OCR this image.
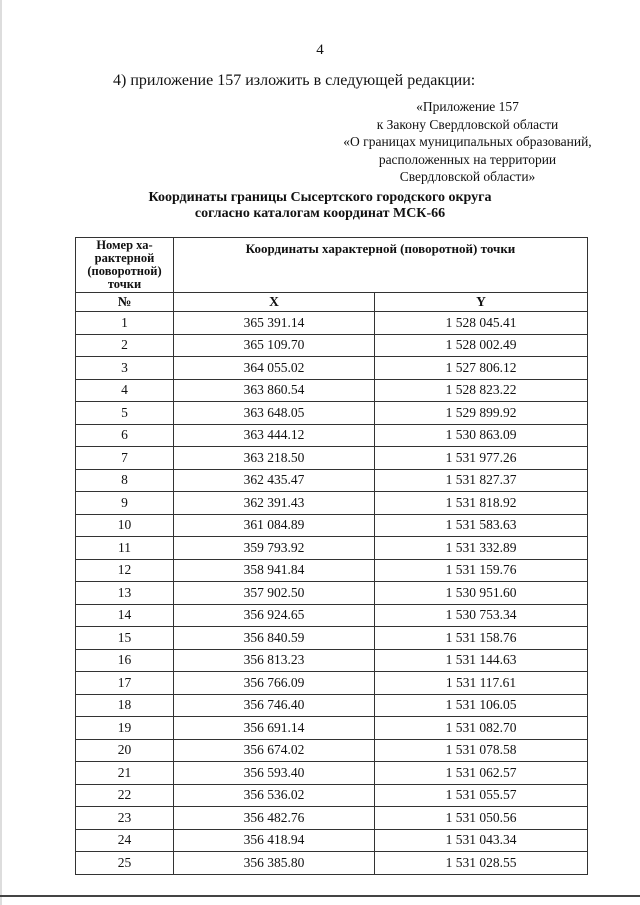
4
4) приложение 157 изложить в следующей редакции:
«Приложение 157
к Закону Свердловской области
«О границах муниципальных образований,
расположенных на территории
Свердловской области»
Координаты границы Сысертского городского округа
согласно каталогам координат МСК-66
Номер ха-рактерной (поворотной) точки	Координаты характерной (поворотной) точки	
№	X	Y
1	365 391.14	1 528 045.41
2	365 109.70	1 528 002.49
3	364 055.02	1 527 806.12
4	363 860.54	1 528 823.22
5	363 648.05	1 529 899.92
6	363 444.12	1 530 863.09
7	363 218.50	1 531 977.26
8	362 435.47	1 531 827.37
9	362 391.43	1 531 818.92
10	361 084.89	1 531 583.63
11	359 793.92	1 531 332.89
12	358 941.84	1 531 159.76
13	357 902.50	1 530 951.60
14	356 924.65	1 530 753.34
15	356 840.59	1 531 158.76
16	356 813.23	1 531 144.63
17	356 766.09	1 531 117.61
18	356 746.40	1 531 106.05
19	356 691.14	1 531 082.70
20	356 674.02	1 531 078.58
21	356 593.40	1 531 062.57
22	356 536.02	1 531 055.57
23	356 482.76	1 531 050.56
24	356 418.94	1 531 043.34
25	356 385.80	1 531 028.55
